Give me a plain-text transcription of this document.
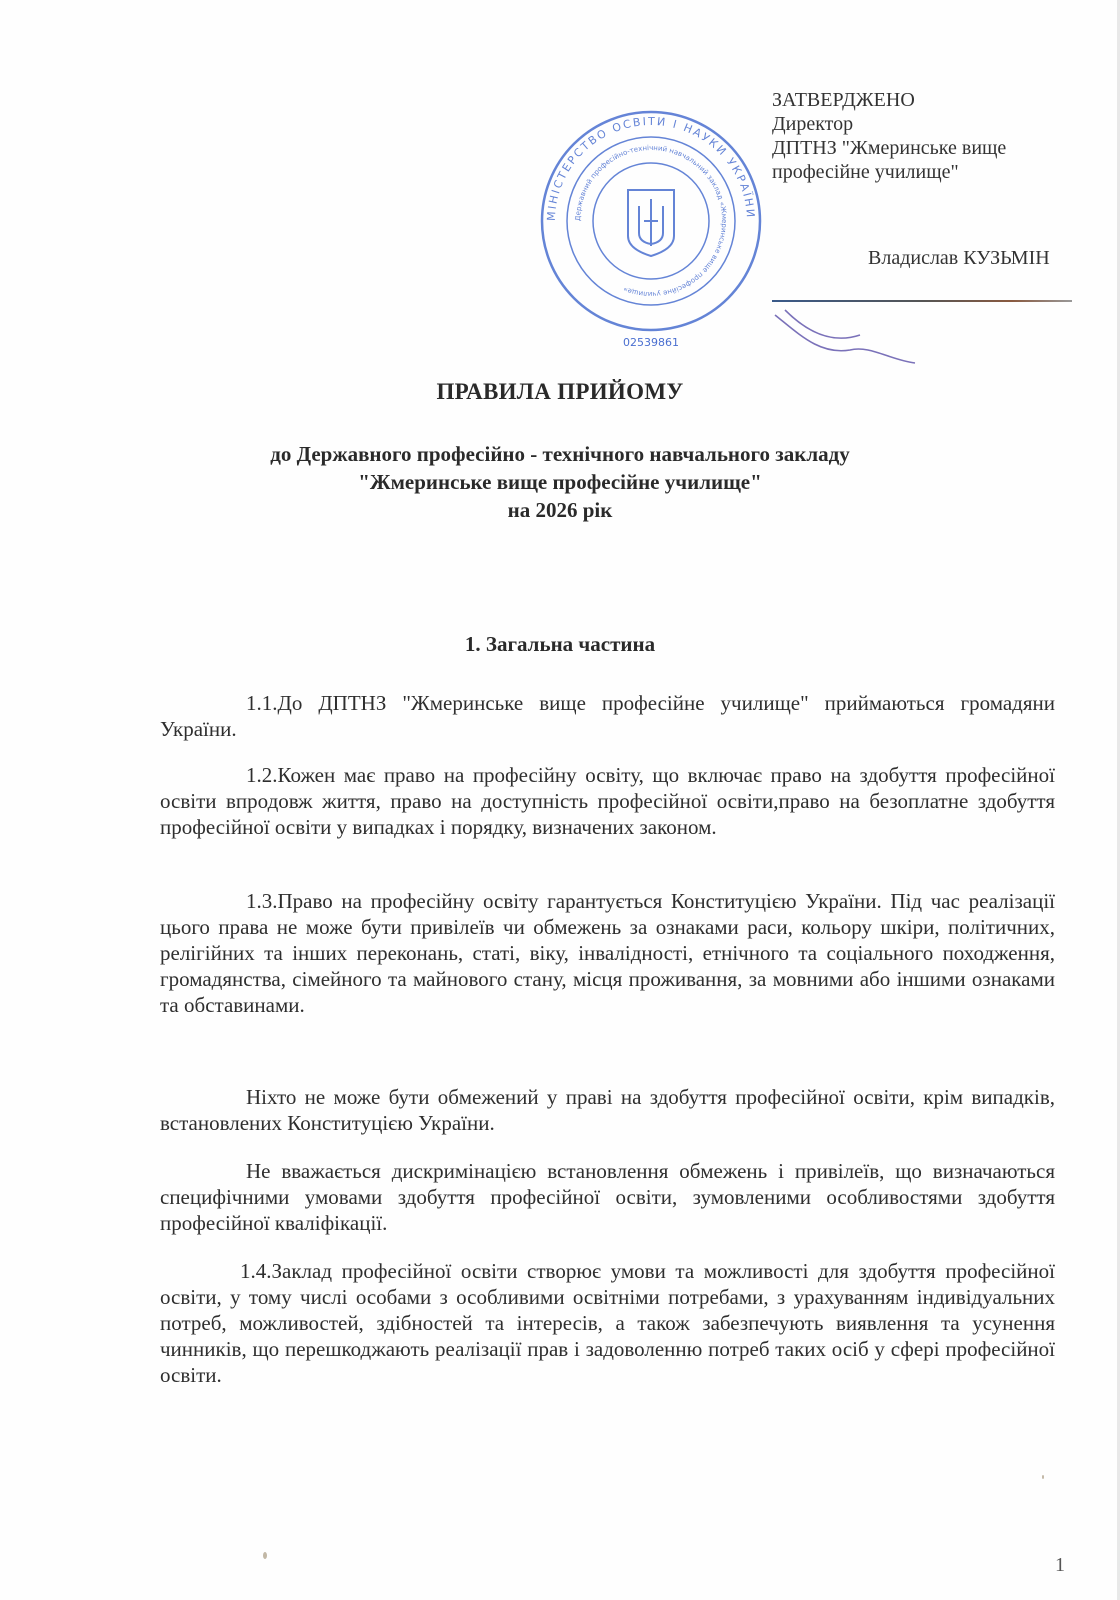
МІНІСТЕРСТВО ОСВІТИ І НАУКИ УКРАЇНИ
Державний професійно-технічний навчальний заклад «Жмеринське вище професійне училище»
02539861
ЗАТВЕРДЖЕНО
Директор
ДПТНЗ "Жмеринське вище
професійне училище"
Владислав КУЗЬМІН
ПРАВИЛА ПРИЙОМУ
до Державного професійно - технічного навчального закладу
"Жмеринське вище професійне училище"
на 2026 рік
1. Загальна частина

1.1.До ДПТНЗ "Жмеринське вище професійне училище" приймаються громадяни України.

1.2.Кожен має право на професійну освіту, що включає право на здобуття професійної освіти впродовж життя, право на доступність професійної освіти,право на безоплатне здобуття професійної освіти у випадках і порядку, визначених законом.

1.3.Право на професійну освіту гарантується Конституцією України. Під час реалізації цього права не може бути привілеїв чи обмежень за ознаками раси, кольору шкіри, політичних, релігійних та інших переконань, статі, віку, інвалідності, етнічного та соціального походження, громадянства, сімейного та майнового стану, місця проживання, за мовними або іншими ознаками та обставинами.

Ніхто не може бути обмежений у праві на здобуття професійної освіти, крім випадків, встановлених Конституцією України.

Не вважається дискримінацією встановлення обмежень і привілеїв, що визначаються специфічними умовами здобуття професійної освіти, зумовленими особливостями здобуття професійної кваліфікації.

1.4.Заклад професійної освіти створює умови та можливості для здобуття професійної освіти, у тому числі особами з особливими освітніми потребами, з урахуванням індивідуальних потреб, можливостей, здібностей та інтересів, а також забезпечують виявлення та усунення чинників, що перешкоджають реалізації прав і задоволенню потреб таких осіб у сфері професійної освіти.

1
